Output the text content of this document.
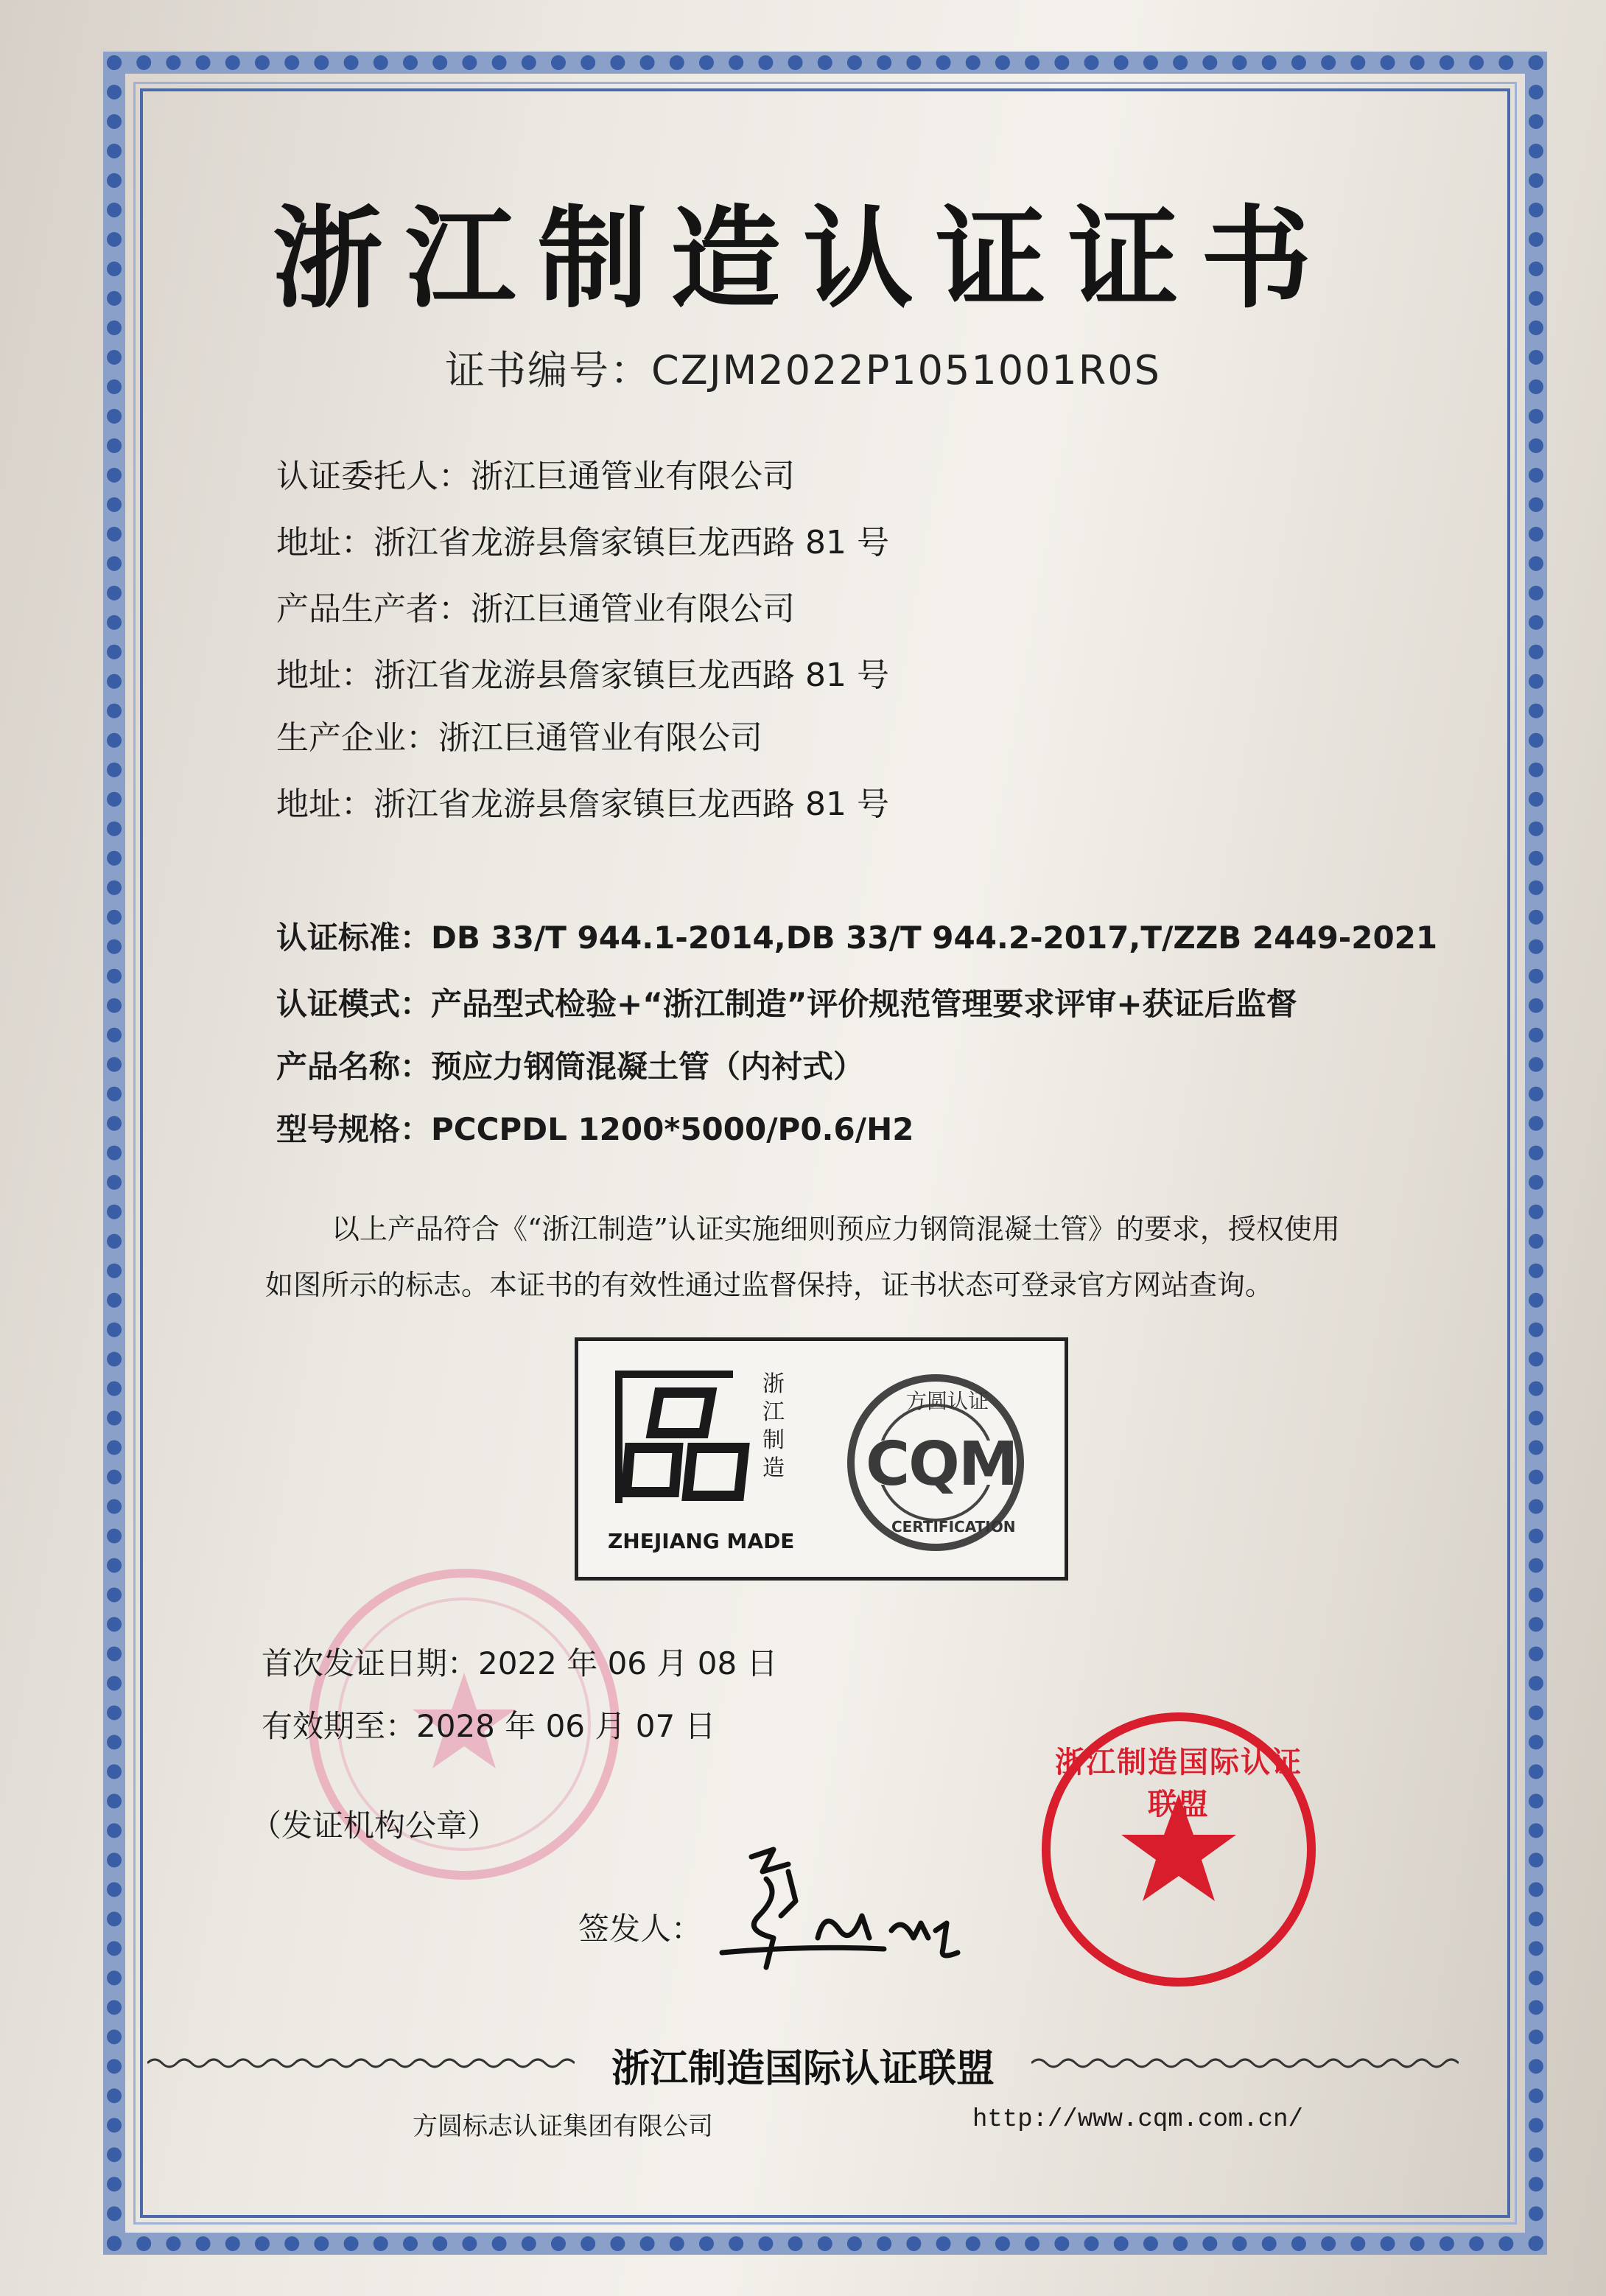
浙江制造认证证书
证书编号：CZJM2022P1051001R0S
认证委托人：浙江巨通管业有限公司
地址：浙江省龙游县詹家镇巨龙西路 81 号
产品生产者：浙江巨通管业有限公司
地址：浙江省龙游县詹家镇巨龙西路 81 号
生产企业：浙江巨通管业有限公司
地址：浙江省龙游县詹家镇巨龙西路 81 号
认证标准：DB 33/T 944.1-2014,DB 33/T 944.2-2017,T/ZZB 2449-2021
认证模式：产品型式检验+“浙江制造”评价规范管理要求评审+获证后监督
产品名称：预应力钢筒混凝土管（内衬式）
型号规格：PCCPDL 1200*5000/P0.6/H2
以上产品符合《“浙江制造”认证实施细则预应力钢筒混凝土管》的要求，授权使用
如图所示的标志。本证书的有效性通过监督保持，证书状态可登录官方网站查询。
浙江制造
ZHEJIANG MADE
方圆认证
CQM
CERTIFICATION
首次发证日期：2022 年 06 月 08 日
有效期至：2028 年 06 月 07 日
（发证机构公章）
签发人：
浙江制造国际认证联盟
浙江制造国际认证联盟
方圆标志认证集团有限公司	http://www.cqm.com.cn/
